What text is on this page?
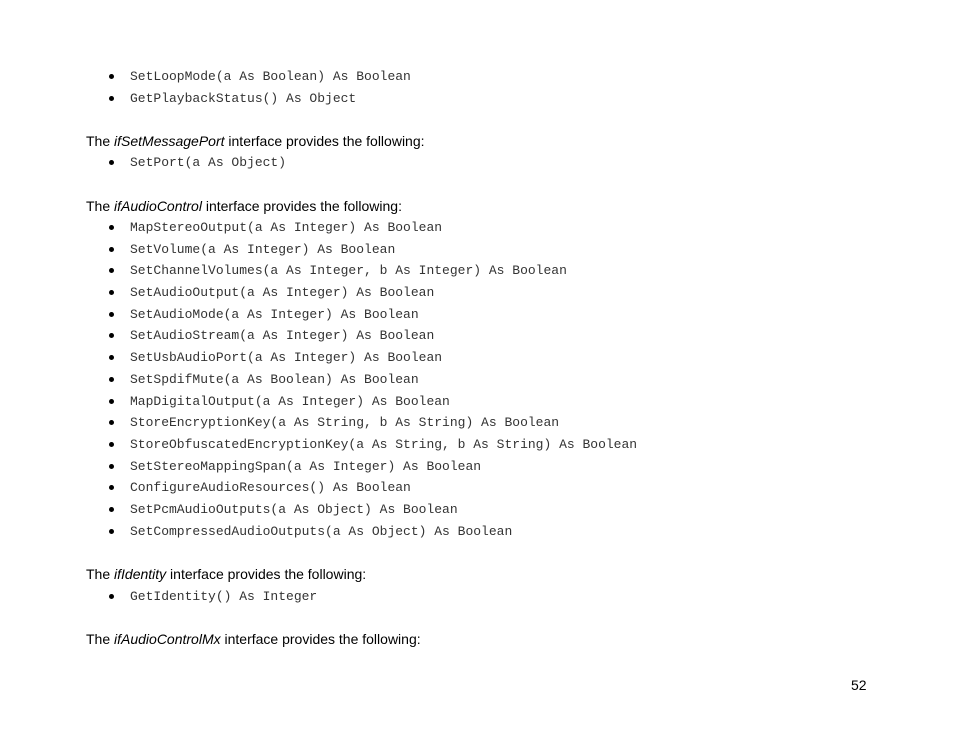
SetLoopMode(a As Boolean) As Boolean
GetPlaybackStatus() As Object
The ifSetMessagePort interface provides the following:
SetPort(a As Object)
The ifAudioControl interface provides the following:
MapStereoOutput(a As Integer) As Boolean
SetVolume(a As Integer) As Boolean
SetChannelVolumes(a As Integer, b As Integer) As Boolean
SetAudioOutput(a As Integer) As Boolean
SetAudioMode(a As Integer) As Boolean
SetAudioStream(a As Integer) As Boolean
SetUsbAudioPort(a As Integer) As Boolean
SetSpdifMute(a As Boolean) As Boolean
MapDigitalOutput(a As Integer) As Boolean
StoreEncryptionKey(a As String, b As String) As Boolean
StoreObfuscatedEncryptionKey(a As String, b As String) As Boolean
SetStereoMappingSpan(a As Integer) As Boolean
ConfigureAudioResources() As Boolean
SetPcmAudioOutputs(a As Object) As Boolean
SetCompressedAudioOutputs(a As Object) As Boolean
The ifIdentity interface provides the following:
GetIdentity() As Integer
The ifAudioControlMx interface provides the following:
52
